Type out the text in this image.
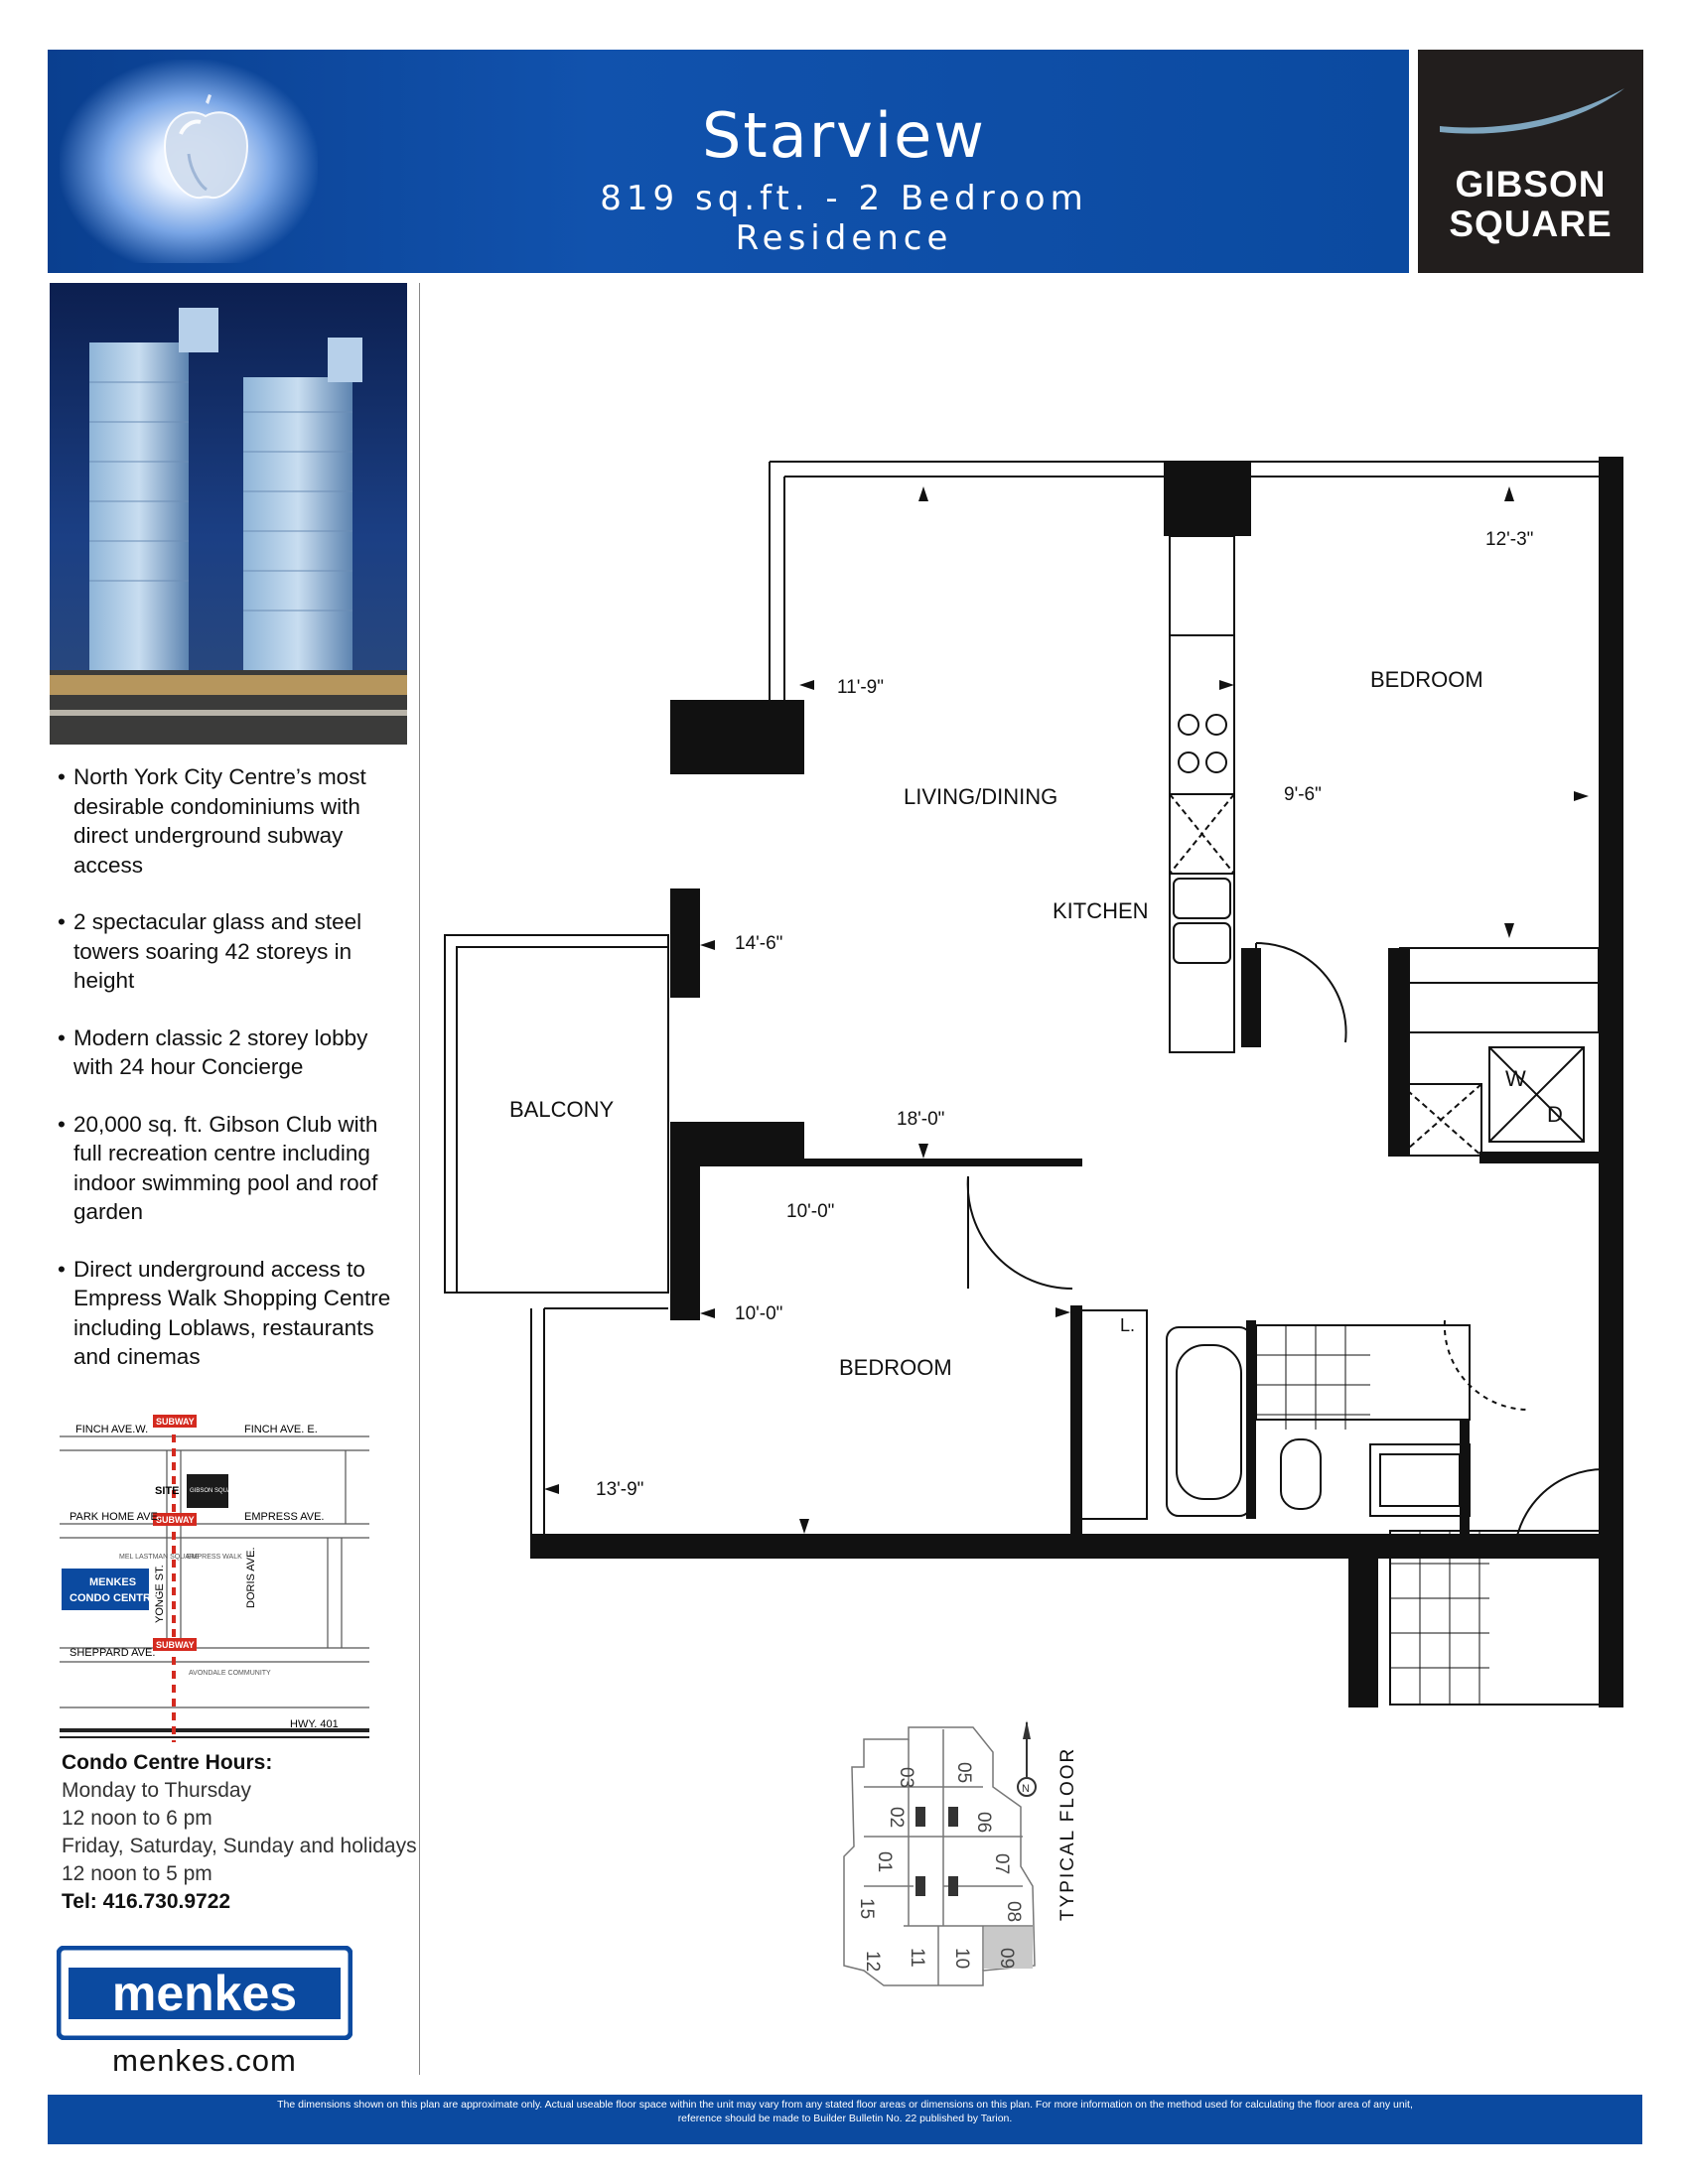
Starview
819 sq.ft. - 2 Bedroom Residence
GIBSON
SQUARE
• North York City Centre’s most desirable condominiums with direct underground subway access
• 2 spectacular glass and steel towers soaring 42 storeys in height
• Modern classic 2 storey lobby with 24 hour Concierge
• 20,000 sq. ft. Gibson Club with full recreation centre including indoor swimming pool and roof garden
• Direct underground access to Empress Walk Shopping Centre including Loblaws, restaurants and cinemas
FINCH AVE.W.	FINCH AVE. E.
SUBWAY
SUBWAY
SUBWAY
SITE GIBSON SQUARE
PARK HOME AVE.	EMPRESS AVE.
MEL LASTMAN SQUARE
EMPRESS WALK DORIS AVE.
YONGE ST.
MENKES
CONDO CENTRE
SHEPPARD AVE.
AVONDALE COMMUNITY
HWY. 401
Condo Centre Hours:
Monday to Thursday
12 noon to 6 pm
Friday, Saturday, Sunday and holidays
12 noon to 5 pm
Tel: 416.730.9722
menkes
menkes.com
BEDROOM
LIVING/DINING
KITCHEN
BALCONY
BEDROOM
W
D
L.
12'-3"
11'-9"
9'-6"
14'-6"
18'-0"
10'-0"
10'-0"
13'-9"
03 05
02	06
01	07
15	08
12 11 10 09
N TYPICAL FLOOR
The dimensions shown on this plan are approximate only. Actual useable floor space within the unit may vary from any stated floor areas or dimensions on this plan. For more information on the method used for calculating the floor area of any unit,
reference should be made to Builder Bulletin No. 22 published by Tarion.
